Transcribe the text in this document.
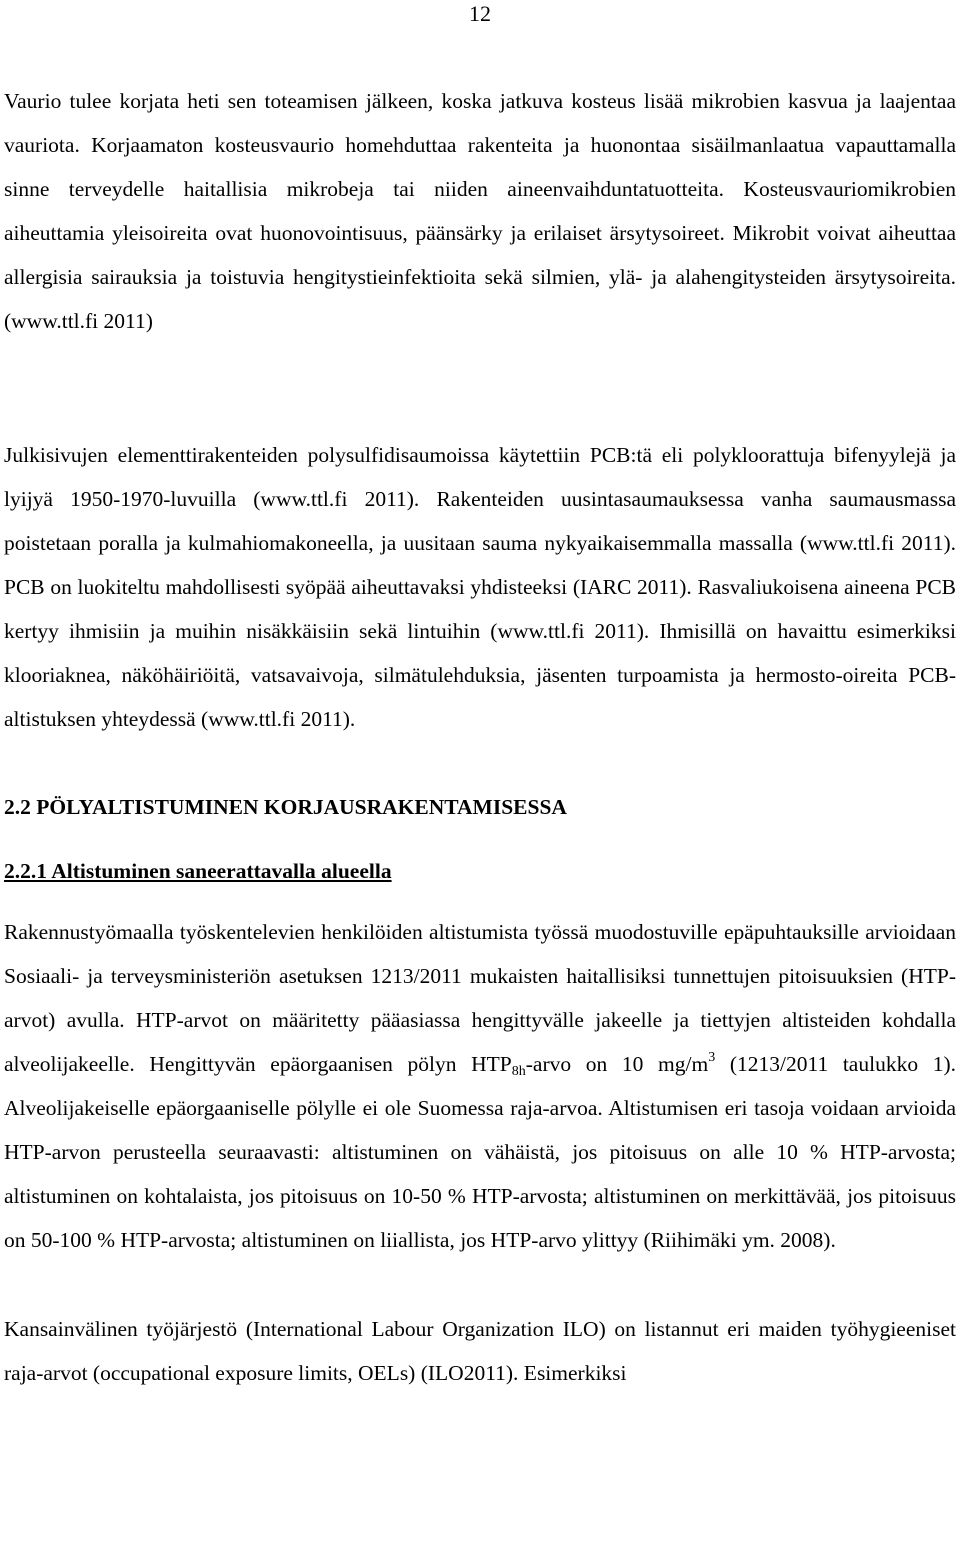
12

Vaurio tulee korjata heti sen toteamisen jälkeen, koska jatkuva kosteus lisää mikrobien kasvua ja laajentaa vauriota. Korjaamaton kosteusvaurio homehduttaa rakenteita ja huonontaa sisäilmanlaatua vapauttamalla sinne terveydelle haitallisia mikrobeja tai niiden aineenvaihduntatuotteita. Kosteusvauriomikrobien aiheuttamia yleisoireita ovat huonovointisuus, päänsärky ja erilaiset ärsytysoireet. Mikrobit voivat aiheuttaa allergisia sairauksia ja toistuvia hengitystieinfektioita sekä silmien, ylä- ja alahengitysteiden ärsytysoireita. (www.ttl.fi 2011)

Julkisivujen elementtirakenteiden polysulfidisaumoissa käytettiin PCB:tä eli polykloorattuja bifenyylejä ja lyijyä 1950-1970-luvuilla (www.ttl.fi 2011). Rakenteiden uusintasaumauksessa vanha saumausmassa poistetaan poralla ja kulmahiomakoneella, ja uusitaan sauma nykyaikaisemmalla massalla (www.ttl.fi 2011). PCB on luokiteltu mahdollisesti syöpää aiheuttavaksi yhdisteeksi (IARC 2011). Rasvaliukoisena aineena PCB kertyy ihmisiin ja muihin nisäkkäisiin sekä lintuihin (www.ttl.fi 2011). Ihmisillä on havaittu esimerkiksi klooriaknea, näköhäiriöitä, vatsavaivoja, silmätulehduksia, jäsenten turpoamista ja hermosto-oireita PCB-altistuksen yhteydessä (www.ttl.fi 2011).

2.2 PÖLYALTISTUMINEN KORJAUSRAKENTAMISESSA
2.2.1 Altistuminen saneerattavalla alueella

Rakennustyömaalla työskentelevien henkilöiden altistumista työssä muodostuville epäpuhtauksille arvioidaan Sosiaali- ja terveysministeriön asetuksen 1213/2011 mukaisten haitallisiksi tunnettujen pitoisuuksien (HTP-arvot) avulla. HTP-arvot on määritetty pääasiassa hengittyvälle jakeelle ja tiettyjen altisteiden kohdalla alveolijakeelle. Hengittyvän epäorgaanisen pölyn $HTP_{8h}$-arvo on 10 $mg/m^3$ (1213/2011 taulukko 1). Alveolijakeiselle epäorgaaniselle pölylle ei ole Suomessa raja-arvoa. Altistumisen eri tasoja voidaan arvioida HTP-arvon perusteella seuraavasti: altistuminen on vähäistä, jos pitoisuus on alle 10 % HTP-arvosta; altistuminen on kohtalaista, jos pitoisuus on 10-50 % HTP-arvosta; altistuminen on merkittävää, jos pitoisuus on 50-100 % HTP-arvosta; altistuminen on liiallista, jos HTP-arvo ylittyy (Riihimäki ym. 2008).

Kansainvälinen työjärjestö (International Labour Organization ILO) on listannut eri maiden työhygieeniset raja-arvot (occupational exposure limits, OELs) (ILO2011). Esimerkiksi
